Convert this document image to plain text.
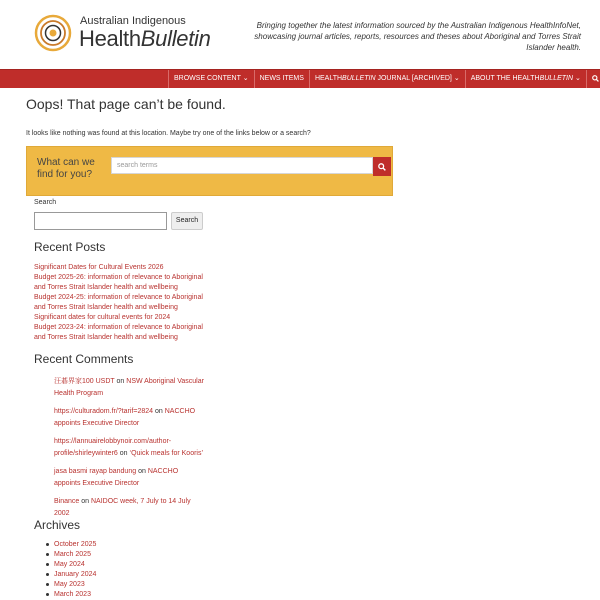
Australian Indigenous
HealthBulletin
Bringing together the latest information sourced by the Australian Indigenous HealthInfoNet, showcasing journal articles, reports, resources and theses about Aboriginal and Torres Strait Islander health.
BROWSE CONTENT ⌄	NEWS ITEMS	HEALTHBULLETIN JOURNAL [ARCHIVED] ⌄	ABOUT THE HEALTHBULLETIN ⌄
Oops! That page can’t be found.
It looks like nothing was found at this location. Maybe try one of the links below or a search?
What can we find for you?
search terms
Search
Search
Recent Posts
Significant Dates for Cultural Events 2026
Budget 2025-26: information of relevance to Aboriginal and Torres Strait Islander health and wellbeing
Budget 2024-25: information of relevance to Aboriginal and Torres Strait Islander health and wellbeing
Significant dates for cultural events for 2024
Budget 2023-24: information of relevance to Aboriginal and Torres Strait Islander health and wellbeing
Recent Comments
汪碁界家100 USDT on NSW Aboriginal Vascular Health Program
https://culturadom.fr/?tarif=2824 on NACCHO appoints Executive Director
https://lannuairelobbynoir.com/author-profile/shirleywinter6 on ‘Quick meals for Kooris’
jasa basmi rayap bandung on NACCHO appoints Executive Director
Binance on NAIDOC week, 7 July to 14 July 2002
Archives
October 2025
March 2025
May 2024
January 2024
May 2023
March 2023
